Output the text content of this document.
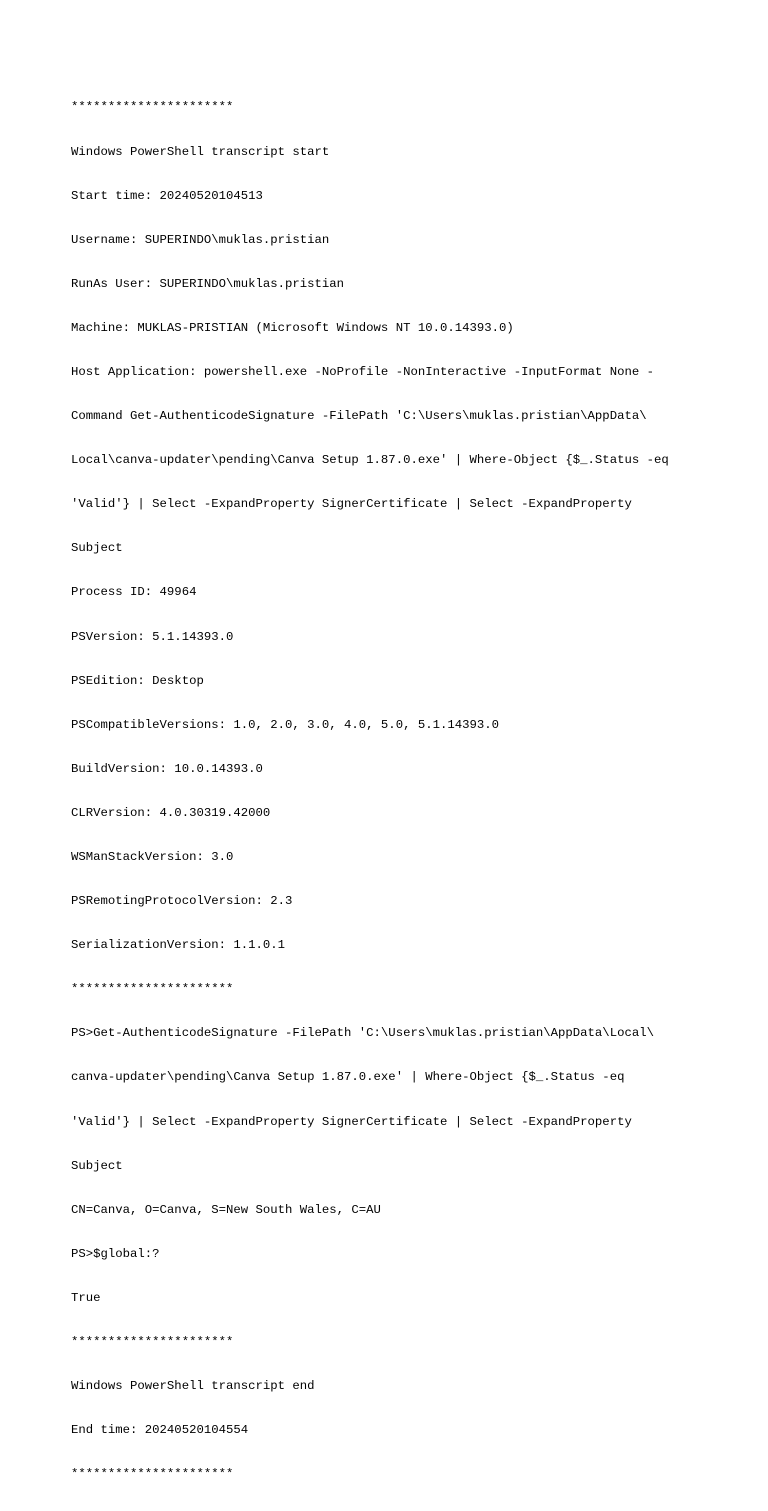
**********************

Windows PowerShell transcript start

Start time: 20240520104513

Username: SUPERINDO\muklas.pristian

RunAs User: SUPERINDO\muklas.pristian

Machine: MUKLAS-PRISTIAN (Microsoft Windows NT 10.0.14393.0)

Host Application: powershell.exe -NoProfile -NonInteractive -InputFormat None -

Command Get-AuthenticodeSignature -FilePath 'C:\Users\muklas.pristian\AppData\

Local\canva-updater\pending\Canva Setup 1.87.0.exe' | Where-Object {$_.Status -eq

'Valid'} | Select -ExpandProperty SignerCertificate | Select -ExpandProperty

Subject

Process ID: 49964

PSVersion: 5.1.14393.0

PSEdition: Desktop

PSCompatibleVersions: 1.0, 2.0, 3.0, 4.0, 5.0, 5.1.14393.0

BuildVersion: 10.0.14393.0

CLRVersion: 4.0.30319.42000

WSManStackVersion: 3.0

PSRemotingProtocolVersion: 2.3

SerializationVersion: 1.1.0.1

**********************

PS>Get-AuthenticodeSignature -FilePath 'C:\Users\muklas.pristian\AppData\Local\

canva-updater\pending\Canva Setup 1.87.0.exe' | Where-Object {$_.Status -eq

'Valid'} | Select -ExpandProperty SignerCertificate | Select -ExpandProperty

Subject

CN=Canva, O=Canva, S=New South Wales, C=AU

PS>$global:?

True

**********************

Windows PowerShell transcript end

End time: 20240520104554

**********************
